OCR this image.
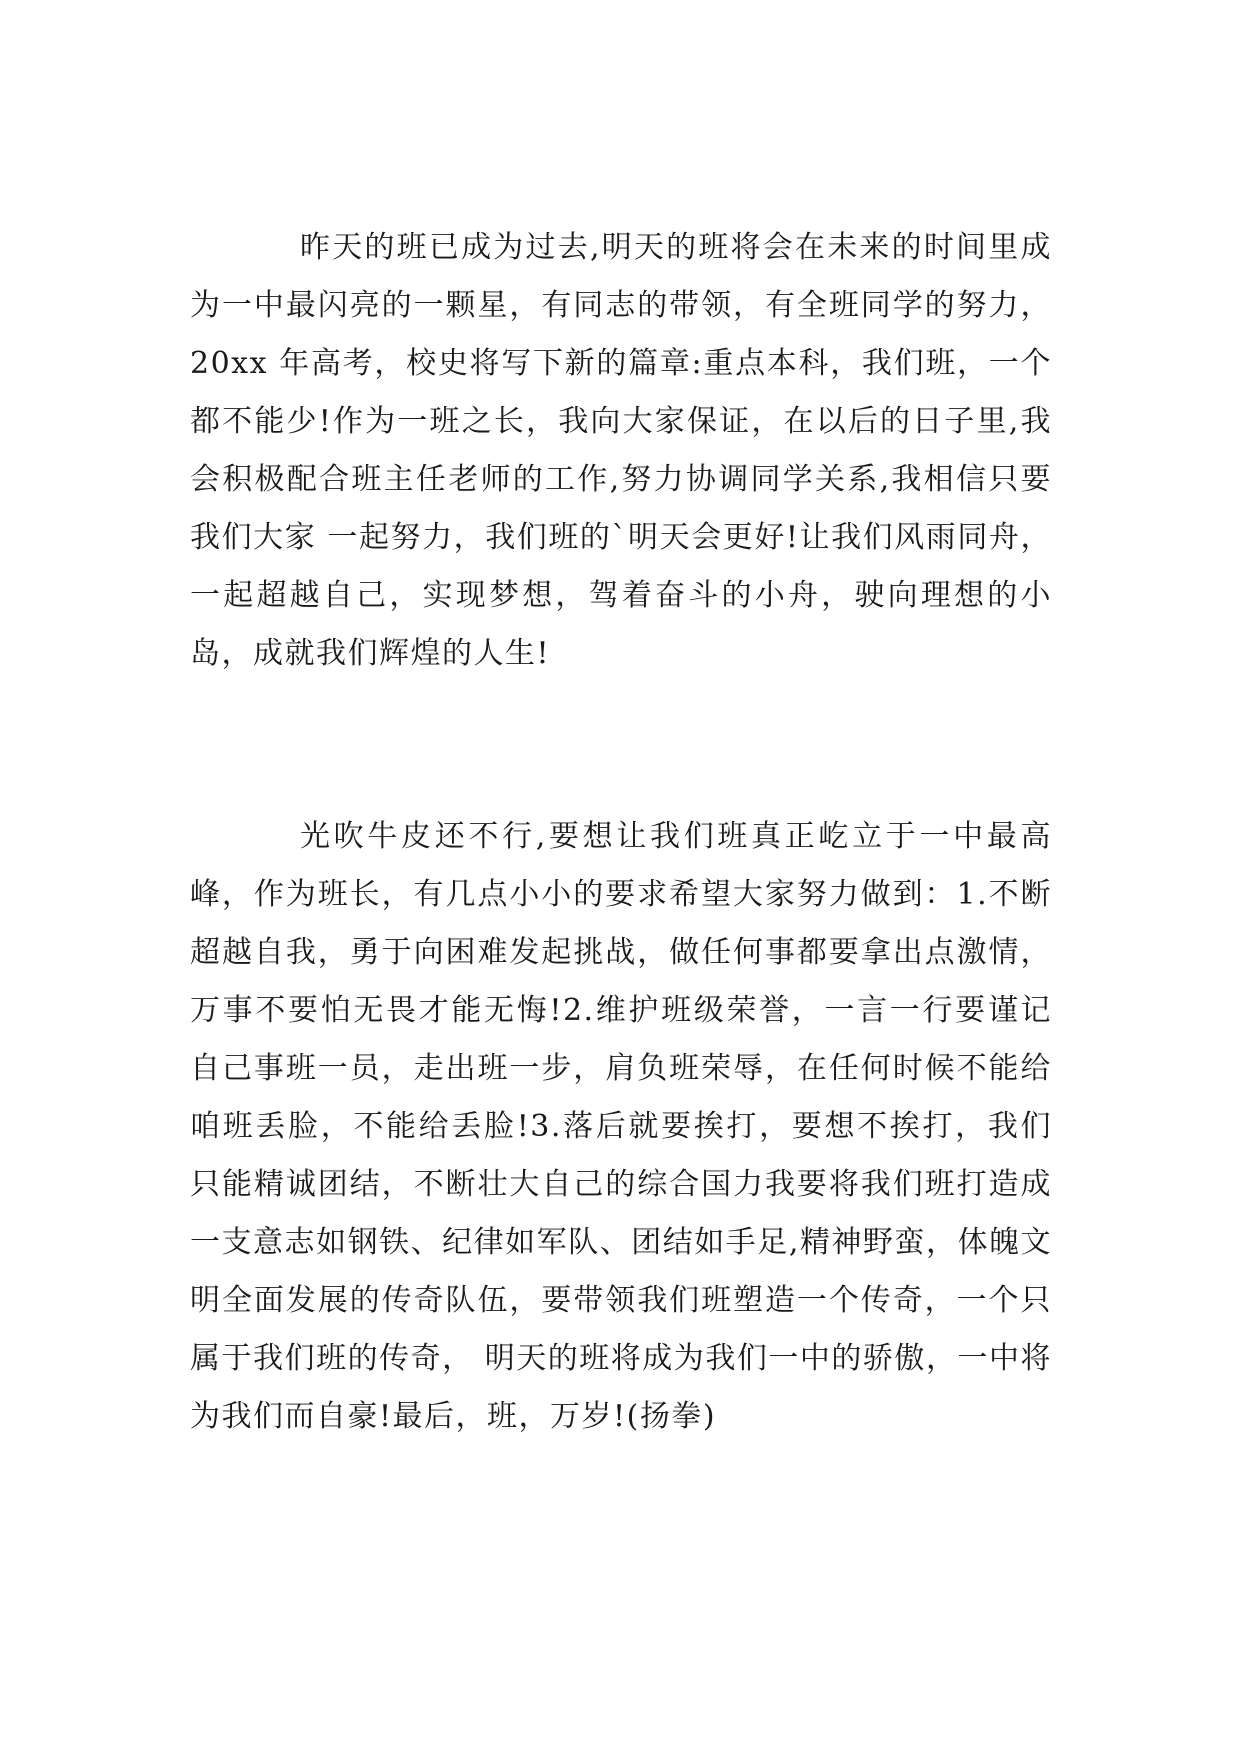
昨天的班已成为过去,明天的班将会在未来的时间里成为一中最闪亮的一颗星，有同志的带领，有全班同学的努力，20xx 年高考，校史将写下新的篇章:重点本科，我们班，一个都不能少!作为一班之长，我向大家保证，在以后的日子里,我会积极配合班主任老师的工作,努力协调同学关系,我相信只要我们大家 一起努力，我们班的`明天会更好!让我们风雨同舟，一起超越自己，实现梦想，驾着奋斗的小舟，驶向理想的小岛，成就我们辉煌的人生!

光吹牛皮还不行,要想让我们班真正屹立于一中最高峰，作为班长，有几点小小的要求希望大家努力做到：1.不断超越自我，勇于向困难发起挑战，做任何事都要拿出点激情，万事不要怕无畏才能无悔!2.维护班级荣誉，一言一行要谨记自己事班一员，走出班一步，肩负班荣辱，在任何时候不能给咱班丢脸，不能给丢脸!3.落后就要挨打，要想不挨打，我们只能精诚团结，不断壮大自己的综合国力我要将我们班打造成一支意志如钢铁、纪律如军队、团结如手足,精神野蛮，体魄文明全面发展的传奇队伍，要带领我们班塑造一个传奇，一个只属于我们班的传奇， 明天的班将成为我们一中的骄傲，一中将为我们而自豪!最后，班，万岁!(扬拳)
